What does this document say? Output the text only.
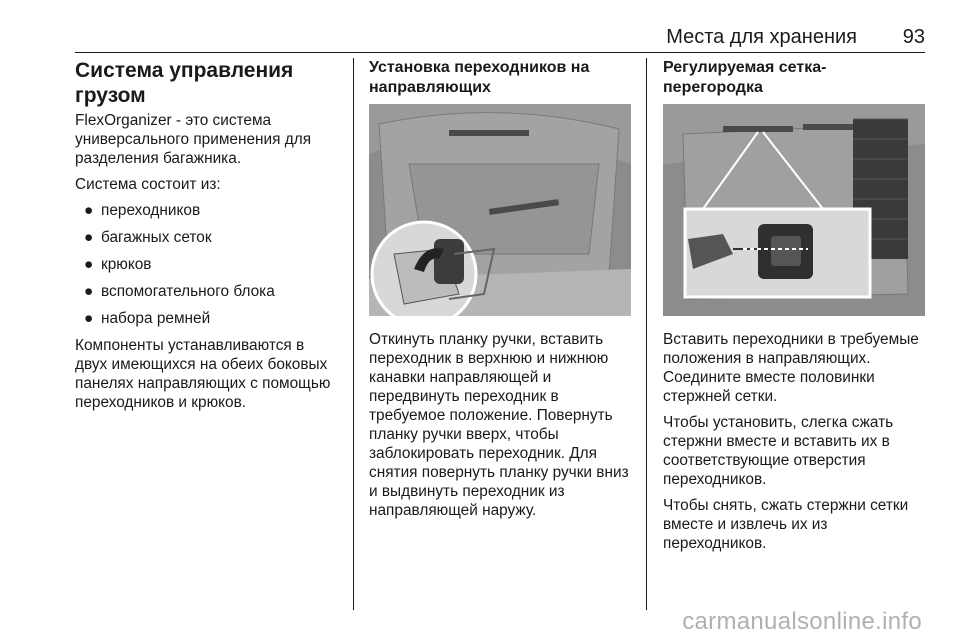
Места для хранения 93
Система управления грузом

FlexOrganizer - это система универсального применения для разделения багажника.

Система состоит из:

● переходников
● багажных сеток
● крюков
● вспомогательного блока
● набора ремней

Компоненты устанавливаются в двух имеющихся на обеих боковых панелях направляющих с помощью переходников и крюков.

Установка переходников на направляющих

Откинуть планку ручки, вставить переходник в верхнюю и нижнюю канавки направляющей и передвинуть переходник в требуемое положение. Повернуть планку ручки вверх, чтобы заблокировать переходник. Для снятия повернуть планку ручки вниз и выдвинуть переходник из направляющей наружу.

Регулируемая сетка-перегородка

Вставить переходники в требуемые положения в направляющих. Соедините вместе половинки стержней сетки.

Чтобы установить, слегка сжать стержни вместе и вставить их в соответствующие отверстия переходников.

Чтобы снять, сжать стержни сетки вместе и извлечь их из переходников.

carmanualsonline.info
